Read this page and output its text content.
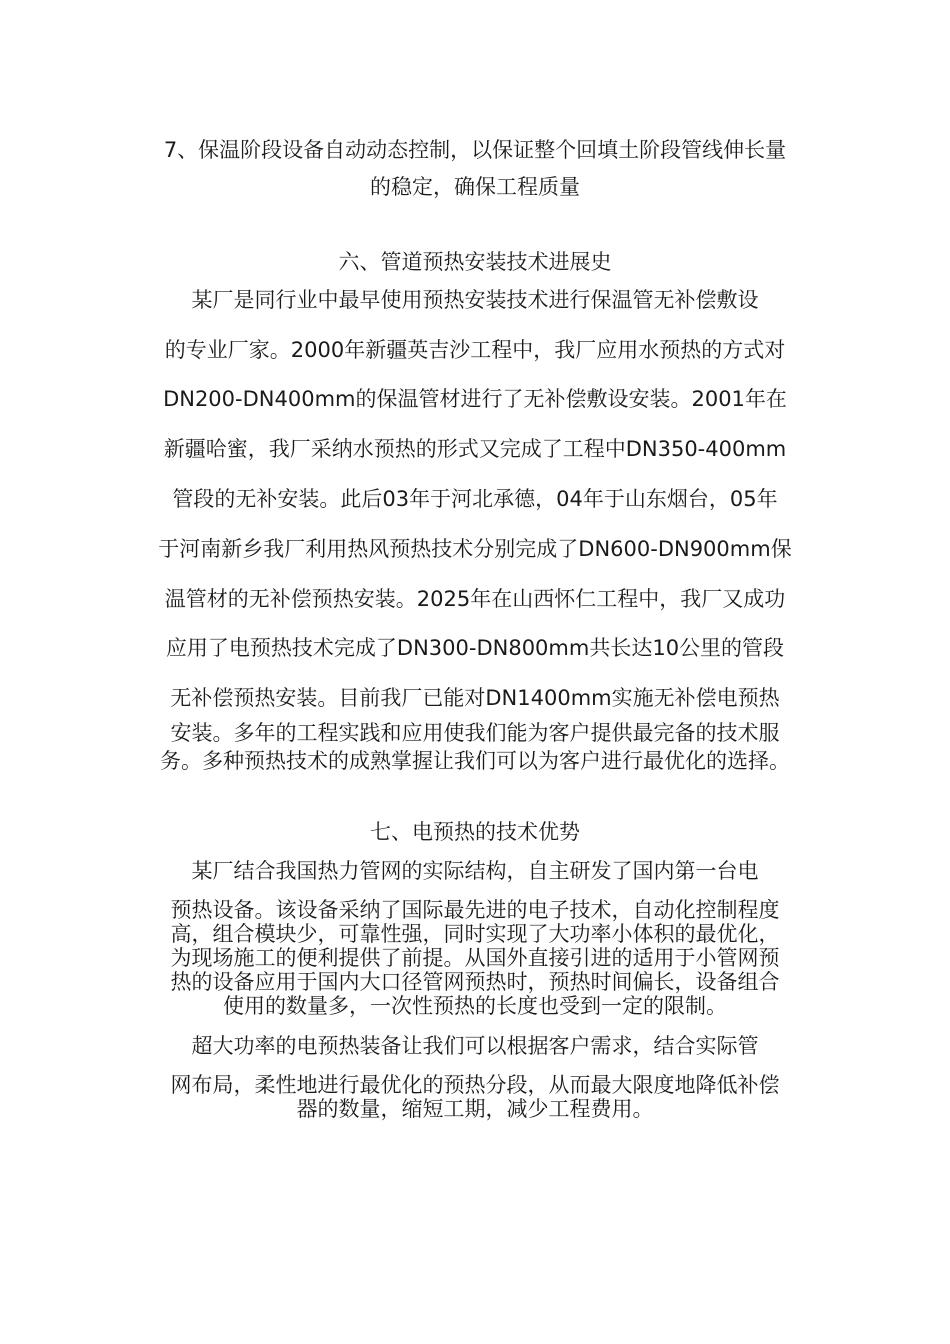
7、保温阶段设备自动动态控制，以保证整个回填土阶段管线伸长量
的稳定，确保工程质量
六、管道预热安装技术进展史
某厂是同行业中最早使用预热安装技术进行保温管无补偿敷设
的专业厂家。2000年新疆英吉沙工程中，我厂应用水预热的方式对
DN200-DN400mm的保温管材进行了无补偿敷设安装。2001年在
新疆哈蜜，我厂采纳水预热的形式又完成了工程中DN350-400mm
管段的无补安装。此后03年于河北承德，04年于山东烟台，05年
于河南新乡我厂利用热风预热技术分别完成了DN600-DN900mm保
温管材的无补偿预热安装。2025年在山西怀仁工程中，我厂又成功
应用了电预热技术完成了DN300-DN800mm共长达10公里的管段
无补偿预热安装。目前我厂已能对DN1400mm实施无补偿电预热
安装。多年的工程实践和应用使我们能为客户提供最完备的技术服
务。多种预热技术的成熟掌握让我们可以为客户进行最优化的选择。
七、电预热的技术优势
某厂结合我国热力管网的实际结构，自主研发了国内第一台电
预热设备。该设备采纳了国际最先进的电子技术，自动化控制程度
高，组合模块少，可靠性强，同时实现了大功率小体积的最优化，
为现场施工的便利提供了前提。从国外直接引进的适用于小管网预
热的设备应用于国内大口径管网预热时，预热时间偏长，设备组合
使用的数量多，一次性预热的长度也受到一定的限制。
超大功率的电预热装备让我们可以根据客户需求，结合实际管
网布局，柔性地进行最优化的预热分段，从而最大限度地降低补偿
器的数量，缩短工期，减少工程费用。
